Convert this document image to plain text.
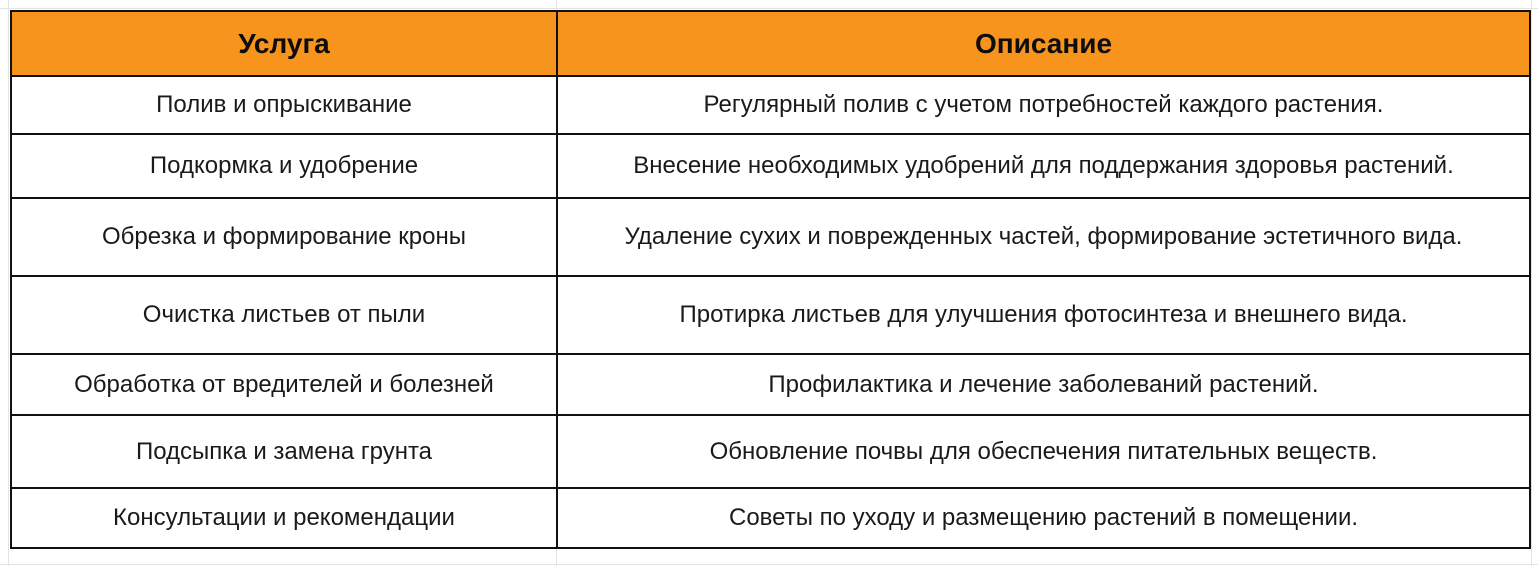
Услуга	Описание
Полив и опрыскивание	Регулярный полив с учетом потребностей каждого растения.
Подкормка и удобрение	Внесение необходимых удобрений для поддержания здоровья растений.
Обрезка и формирование кроны	Удаление сухих и поврежденных частей, формирование эстетичного вида.
Очистка листьев от пыли	Протирка листьев для улучшения фотосинтеза и внешнего вида.
Обработка от вредителей и болезней	Профилактика и лечение заболеваний растений.
Подсыпка и замена грунта	Обновление почвы для обеспечения питательных веществ.
Консультации и рекомендации	Советы по уходу и размещению растений в помещении.
